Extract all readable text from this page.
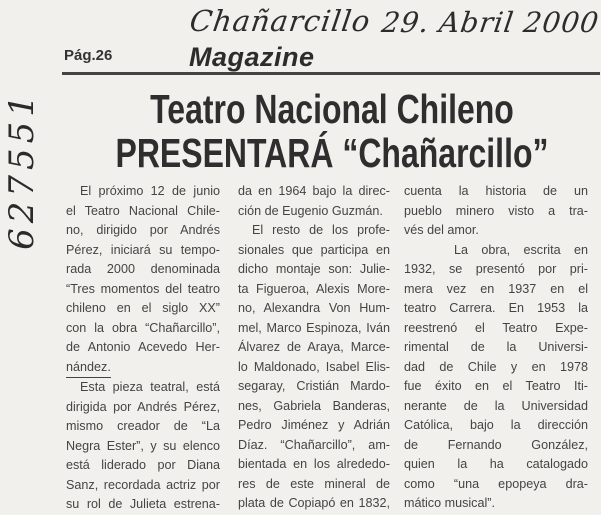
Chañarcillo 29. Abril 2000
627551
Pág.26	Magazine
Teatro Nacional Chileno
PRESENTARÁ “Chañarcillo”
El próximo 12 de junio
el Teatro Nacional Chile-
no, dirigido por Andrés
Pérez, iniciará su tempo-
rada 2000 denominada
“Tres momentos del teatro
chileno en el siglo XX”
con la obra “Chañarcillo”,
de Antonio Acevedo Her-
nández.
Esta pieza teatral, está
dirigida por Andrés Pérez,
mismo creador de “La
Negra Ester”, y su elenco
está liderado por Diana
Sanz, recordada actriz por
su rol de Julieta estrena-
da en 1964 bajo la direc-
ción de Eugenio Guzmán.
El resto de los profe-
sionales que participa en
dicho montaje son: Julie-
ta Figueroa, Alexis More-
no, Alexandra Von Hum-
mel, Marco Espinoza, Iván
Álvarez de Araya, Marce-
lo Maldonado, Isabel Elis-
segaray, Cristián Mardo-
nes, Gabriela Banderas,
Pedro Jiménez y Adrián
Díaz. “Chañarcillo”, am-
bientada en los alrededo-
res de este mineral de
plata de Copiapó en 1832,
cuenta la historia de un
pueblo minero visto a tra-
vés del amor.
La obra, escrita en
1932, se presentó por pri-
mera vez en 1937 en el
teatro Carrera. En 1953 la
reestrenó el Teatro Expe-
rimental de la Universi-
dad de Chile y en 1978
fue éxito en el Teatro Iti-
nerante de la Universidad
Católica, bajo la dirección
de Fernando González,
quien la ha catalogado
como “una epopeya dra-
mático musical”.
